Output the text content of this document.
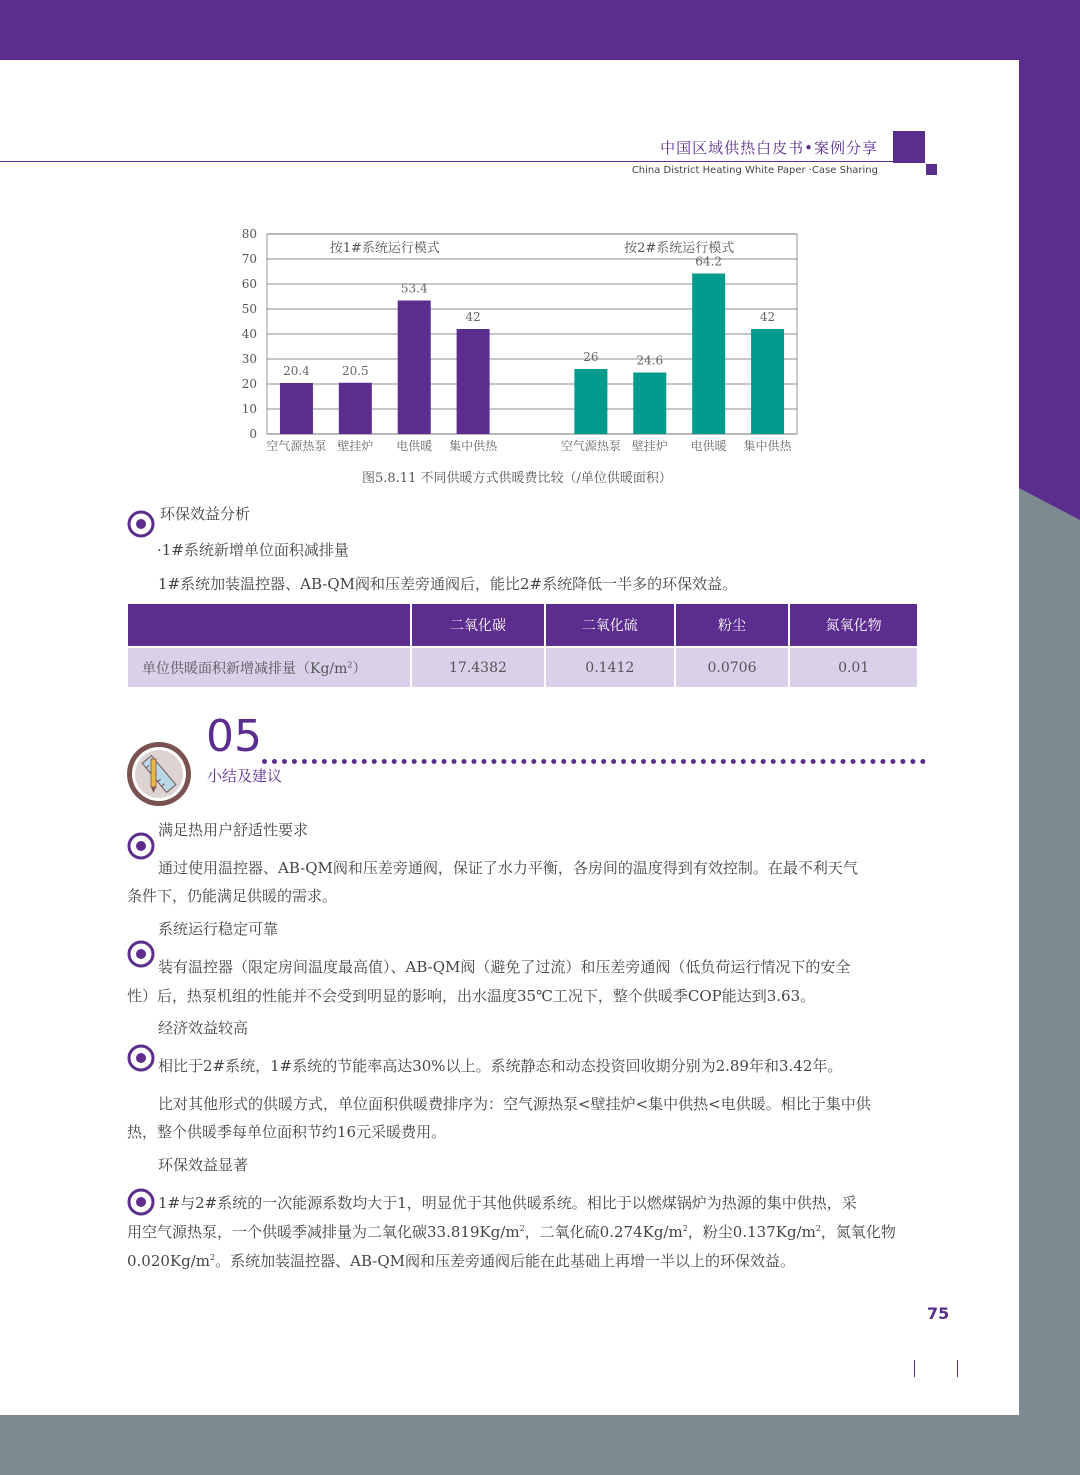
中国区域供热白皮书•案例分享
China District Heating White Paper ·Case Sharing
0
10
20
30
40
50
60
70
80
20.4
空气源热泵
20.5
壁挂炉
53.4
电供暖
42
集中供热
按1#系统运行模式
26
空气源热泵
24.6
壁挂炉
64.2
电供暖
42
集中供热
按2#系统运行模式
图5.8.11 不同供暖方式供暖费比较（/单位供暖面积）
环保效益分析
·1#系统新增单位面积减排量
1#系统加装温控器、AB-QM阀和压差旁通阀后，能比2#系统降低一半多的环保效益。
	二氧化碳	二氧化硫	粉尘	氮氧化物
单位供暖面积新增减排量$(Kg/m^2)$	17.4382	0.1412	0.0706	0.01
05
小结及建议
满足热用户舒适性要求
通过使用温控器、AB-QM阀和压差旁通阀，保证了水力平衡，各房间的温度得到有效控制。在最不利天气
条件下，仍能满足供暖的需求。
系统运行稳定可靠
装有温控器（限定房间温度最高值）、AB-QM阀（避免了过流）和压差旁通阀（低负荷运行情况下的安全
性）后，热泵机组的性能并不会受到明显的影响，出水温度35℃工况下，整个供暖季COP能达到3.63。
经济效益较高
相比于2#系统，1#系统的节能率高达30%以上。系统静态和动态投资回收期分别为2.89年和3.42年。
比对其他形式的供暖方式，单位面积供暖费排序为：空气源热泵<壁挂炉<集中供热<电供暖。相比于集中供
热，整个供暖季每单位面积节约16元采暖费用。
环保效益显著
1#与2#系统的一次能源系数均大于1，明显优于其他供暖系统。相比于以燃煤锅炉为热源的集中供热，采
用空气源热泵，一个供暖季减排量为二氧化碳$33.819Kg/m^2$，二氧化硫$0.274Kg/m^2$，粉尘$0.137Kg/m^2$，氮氧化物
$0.020Kg/m^2$。系统加装温控器、AB-QM阀和压差旁通阀后能在此基础上再增一半以上的环保效益。
75
